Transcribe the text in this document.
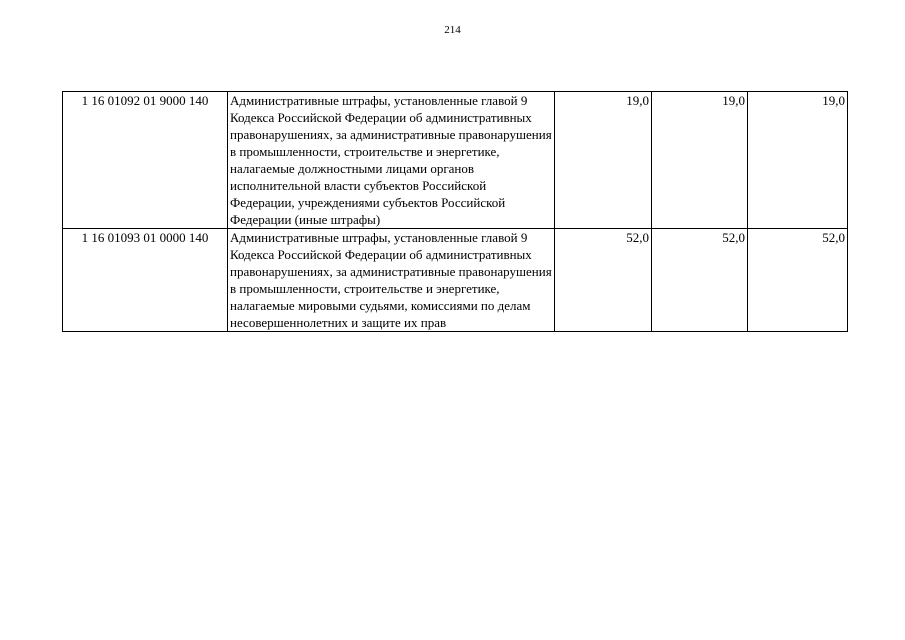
214
1 16 01092 01 9000 140	Административные штрафы, установленные главой 9 Кодекса Российской Федерации об административных правонарушениях, за административные правонарушения в промышленности, строительстве и энергетике, налагаемые должностными лицами органов исполнительной власти субъектов Российской Федерации, учреждениями субъектов Российской Федерации (иные штрафы)	19,0	19,0	19,0
1 16 01093 01 0000 140	Административные штрафы, установленные главой 9 Кодекса Российской Федерации об административных правонарушениях, за административные правонарушения в промышленности, строительстве и энергетике, налагаемые мировыми судьями, комиссиями по делам несовершеннолетних и защите их прав	52,0	52,0	52,0
